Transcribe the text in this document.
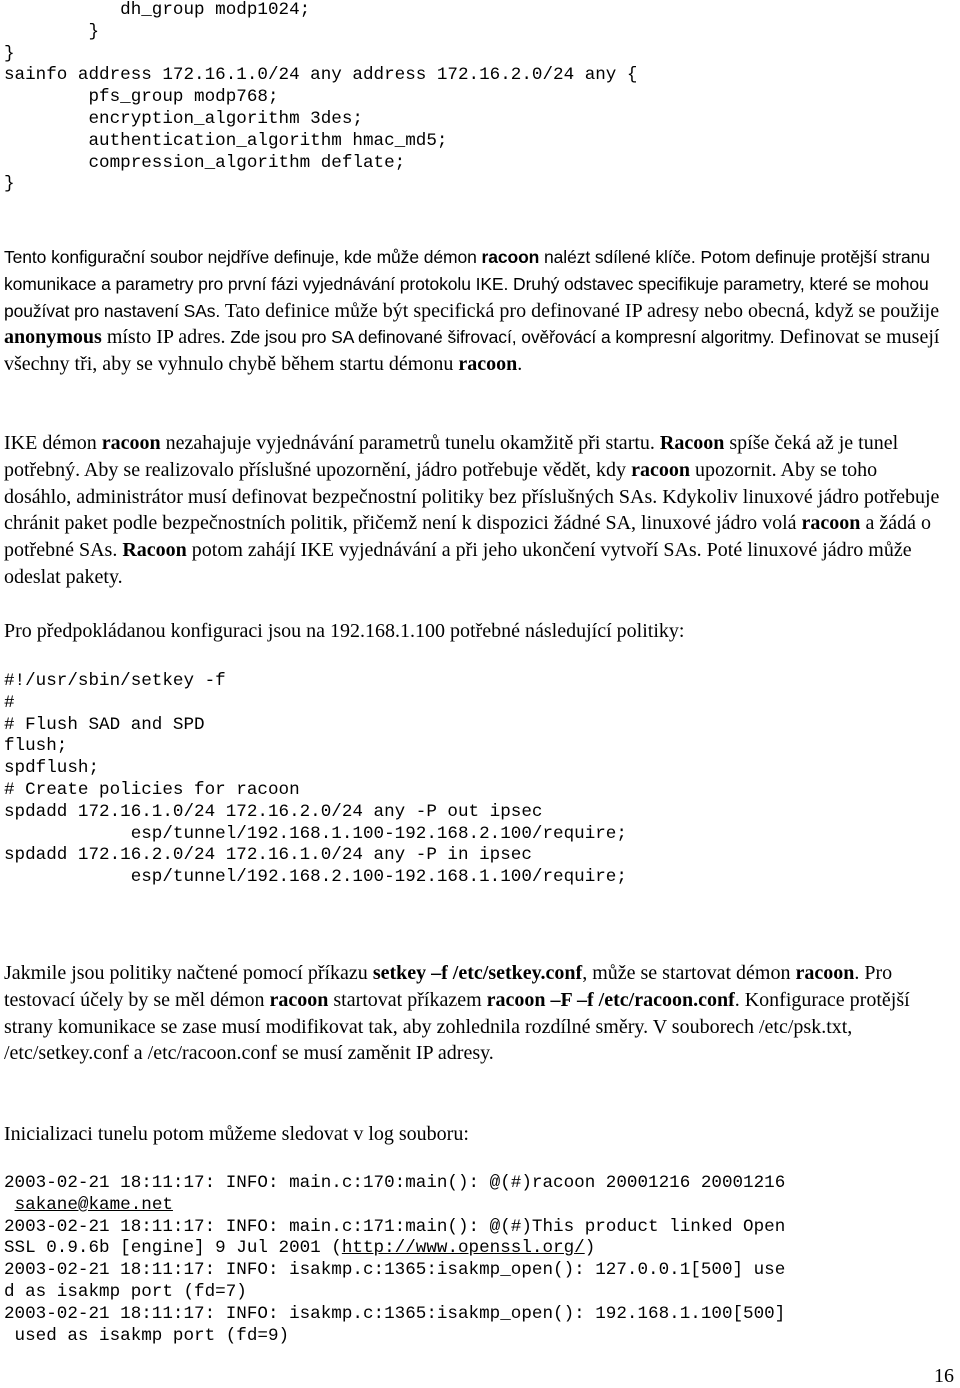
dh_group modp1024;
}
}
sainfo address 172.16.1.0/24 any address 172.16.2.0/24 any {
pfs_group modp768;
encryption_algorithm 3des;
authentication_algorithm hmac_md5;
compression_algorithm deflate;
}

Tento konfigurační soubor nejdříve definuje, kde může démon racoon nalézt sdílené klíče. Potom definuje protější stranu komunikace a parametry pro první fázi vyjednávání protokolu IKE. Druhý odstavec specifikuje parametry, které se mohou používat pro nastavení SAs. Tato definice může být specifická pro definované IP adresy nebo obecná, když se použije anonymous místo IP adres. Zde jsou pro SA definované šifrovací, ověřovácí a kompresní algoritmy. Definovat se musejí všechny tři, aby se vyhnulo chybě během startu démonu racoon.

IKE démon racoon nezahajuje vyjednávání parametrů tunelu okamžitě při startu. Racoon spíše čeká až je tunel potřebný. Aby se realizovalo příslušné upozornění, jádro potřebuje vědět, kdy racoon upozornit. Aby se toho dosáhlo, administrátor musí definovat bezpečnostní politiky bez příslušných SAs. Kdykoliv linuxové jádro potřebuje chránit paket podle bezpečnostních politik, přičemž není k dispozici žádné SA, linuxové jádro volá racoon a žádá o potřebné SAs. Racoon potom zahájí IKE vyjednávání a při jeho ukončení vytvoří SAs. Poté linuxové jádro může odeslat pakety.

Pro předpokládanou konfiguraci jsou na 192.168.1.100 potřebné následující politiky:

#!/usr/sbin/setkey -f
#
# Flush SAD and SPD
flush;
spdflush;
# Create policies for racoon
spdadd 172.16.1.0/24 172.16.2.0/24 any -P out ipsec
esp/tunnel/192.168.1.100-192.168.2.100/require;
spdadd 172.16.2.0/24 172.16.1.0/24 any -P in ipsec
esp/tunnel/192.168.2.100-192.168.1.100/require;

Jakmile jsou politiky načtené pomocí příkazu setkey –f /etc/setkey.conf, může se startovat démon racoon. Pro testovací účely by se měl démon racoon startovat příkazem racoon –F –f /etc/racoon.conf. Konfigurace protější strany komunikace se zase musí modifikovat tak, aby zohlednila rozdílné směry. V souborech /etc/psk.txt, /etc/setkey.conf a /etc/racoon.conf se musí zaměnit IP adresy.

Inicializaci tunelu potom můžeme sledovat v log souboru:

2003-02-21 18:11:17: INFO: main.c:170:main(): @(#)racoon 20001216 20001216
sakane@kame.net
2003-02-21 18:11:17: INFO: main.c:171:main(): @(#)This product linked Open
SSL 0.9.6b [engine] 9 Jul 2001 (http://www.openssl.org/)
2003-02-21 18:11:17: INFO: isakmp.c:1365:isakmp_open(): 127.0.0.1[500] use
d as isakmp port (fd=7)
2003-02-21 18:11:17: INFO: isakmp.c:1365:isakmp_open(): 192.168.1.100[500]
used as isakmp port (fd=9)
16
